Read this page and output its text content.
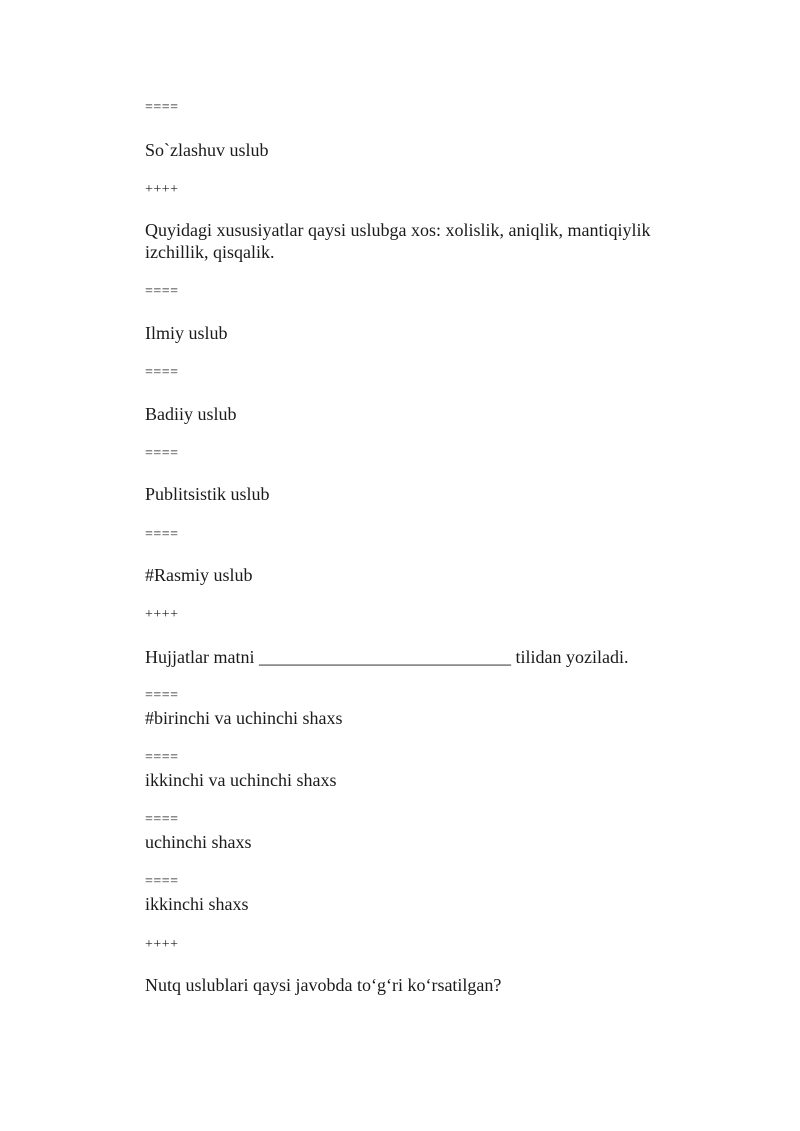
====
So`zlashuv uslub
++++
Quyidagi xususiyatlar qaysi uslubga xos: xolislik, aniqlik, mantiqiylik izchillik, qisqalik.
====
Ilmiy uslub
====
Badiiy uslub
====
Publitsistik uslub
====
#Rasmiy uslub
++++
Hujjatlar matni ____________________________ tilidan yoziladi.
====
#birinchi va uchinchi shaxs
====
ikkinchi va uchinchi shaxs
====
uchinchi shaxs
====
ikkinchi shaxs
++++
Nutq uslublari qaysi javobda to‘g‘ri ko‘rsatilgan?
